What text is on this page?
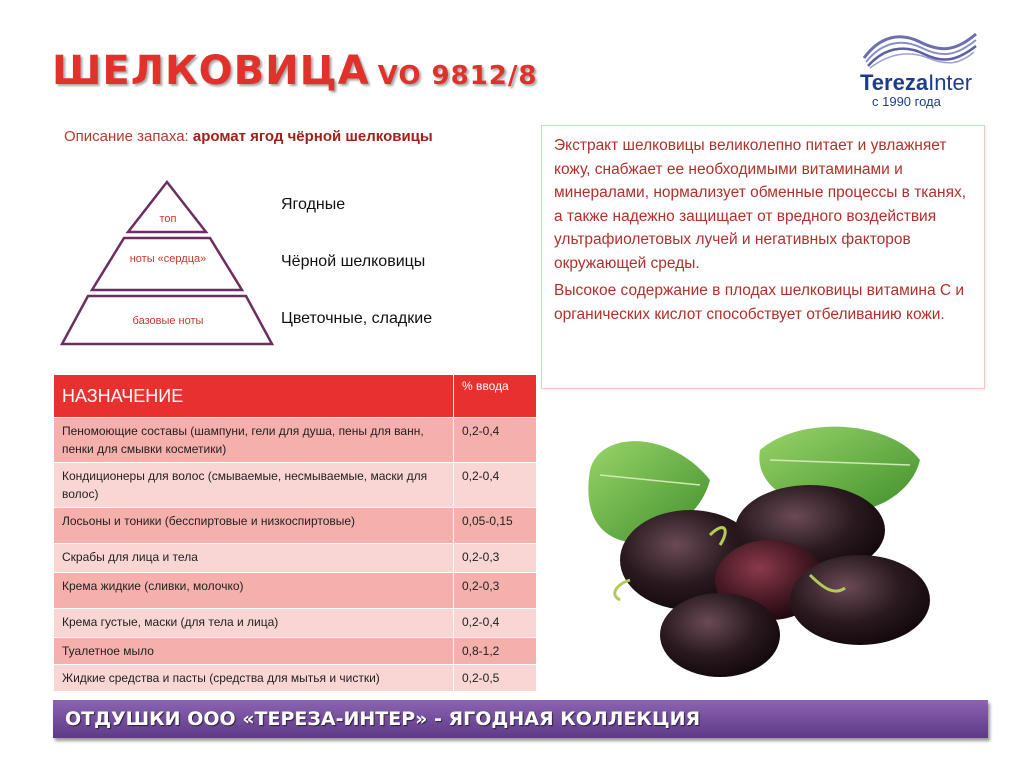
ШЕЛКОВИЦА VO 9812/8	TerezaInter
с 1990 года
Описание запаха: аромат ягод чёрной шелковицы
топ
ноты «сердца»
базовые ноты
Ягодные
Чёрной шелковицы
Цветочные, сладкие

Экстракт шелковицы великолепно питает и увлажняет кожу, снабжает ее необходимыми витаминами и минералами, нормализует обменные процессы в тканях, а также надежно защищает от вредного воздействия ультрафиолетовых лучей и негативных факторов окружающей среды.

Высокое содержание в плодах шелковицы витамина С и органических кислот способствует отбеливанию кожи.

НАЗНАЧЕНИЕ	% ввода
Пеномоющие составы (шампуни, гели для душа, пены для ванн, пенки для смывки косметики)	0,2-0,4
Кондиционеры для волос (смываемые, несмываемые, маски для волос)	0,2-0,4
Лосьоны и тоники (бесспиртовые и низкоспиртовые)	0,05-0,15
Скрабы для лица и тела	0,2-0,3
Крема жидкие (сливки, молочко)	0,2-0,3
Крема густые, маски (для тела и лица)	0,2-0,4
Туалетное мыло	0,8-1,2
Жидкие средства и пасты (средства для мытья и чистки)	0,2-0,5
ОТДУШКИ ООО «ТЕРЕЗА-ИНТЕР» - ЯГОДНАЯ КОЛЛЕКЦИЯ
